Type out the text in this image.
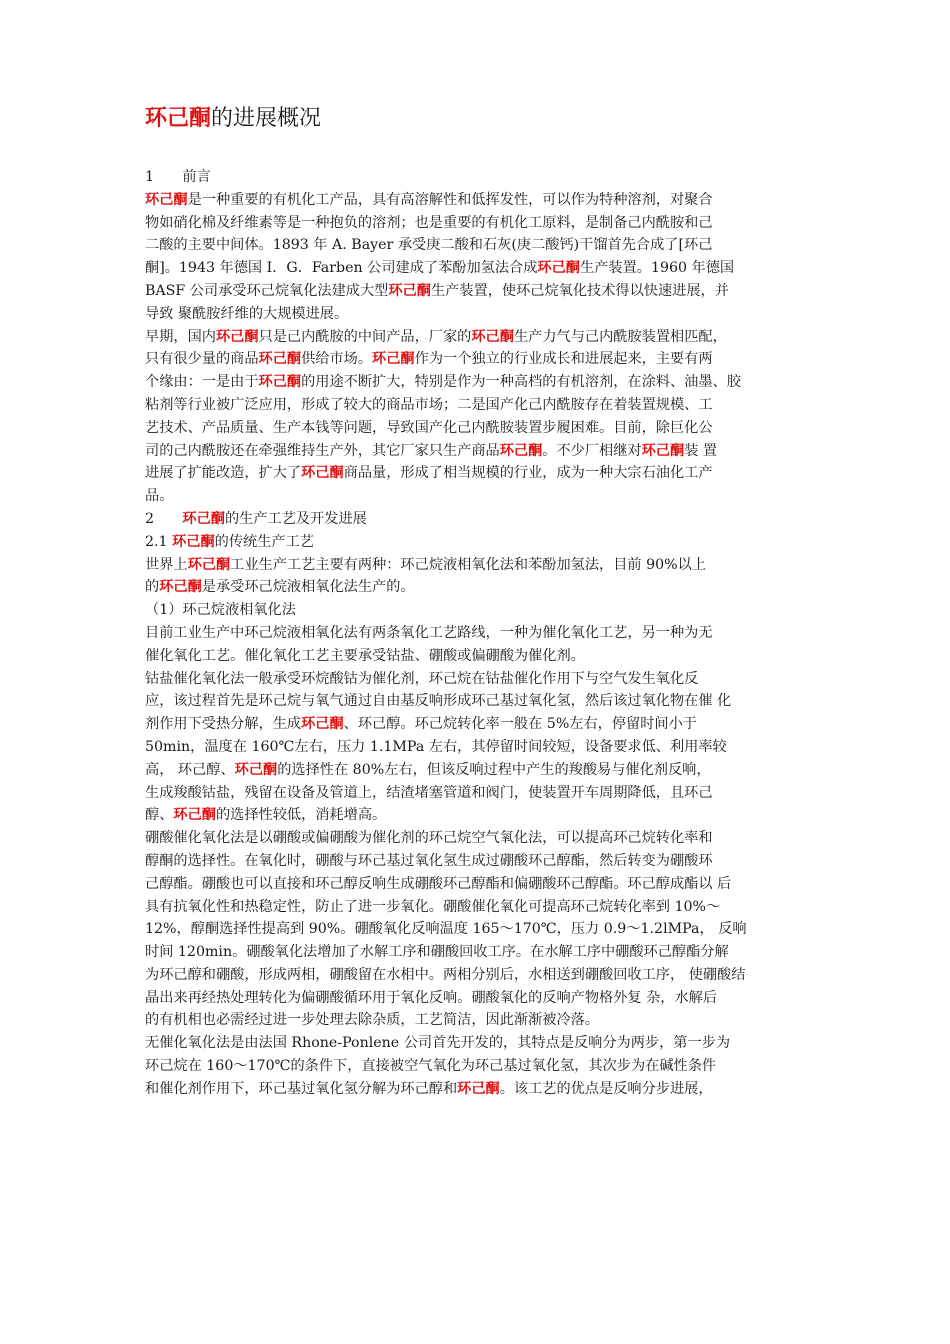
环己酮的进展概况
1　　前言
环己酮是一种重要的有机化工产品，具有高溶解性和低挥发性，可以作为特种溶剂，对聚合
物如硝化棉及纤维素等是一种抱负的溶剂；也是重要的有机化工原料，是制备己内酰胺和己
二酸的主要中间体。1893 年 A. Bayer 承受庚二酸和石灰(庚二酸钙)干馏首先合成了[环己
酮]。1943 年德国 I．G．Farben 公司建成了苯酚加氢法合成环己酮生产装置。1960 年德国
BASF 公司承受环己烷氧化法建成大型环己酮生产装置，使环己烷氧化技术得以快速进展，并
导致 聚酰胺纤维的大规模进展。
早期，国内环己酮只是己内酰胺的中间产品，厂家的环己酮生产力气与己内酰胺装置相匹配，
只有很少量的商品环己酮供给市场。环己酮作为一个独立的行业成长和进展起来，主要有两
个缘由：一是由于环己酮的用途不断扩大，特别是作为一种高档的有机溶剂，在涂料、油墨、胶
粘剂等行业被广泛应用，形成了较大的商品市场；二是国产化己内酰胺存在着装置规模、工
艺技术、产品质量、生产本钱等问题，导致国产化己内酰胺装置步履困难。目前，除巨化公
司的己内酰胺还在牵强维持生产外，其它厂家只生产商品环己酮。不少厂相继对环己酮装 置
进展了扩能改造，扩大了环己酮商品量，形成了相当规模的行业，成为一种大宗石油化工产
品。
2　　环己酮的生产工艺及开发进展
2.1 环己酮的传统生产工艺
世界上环己酮工业生产工艺主要有两种：环己烷液相氧化法和苯酚加氢法，目前 90%以上
的环己酮是承受环己烷液相氧化法生产的。
（1）环己烷液相氧化法
目前工业生产中环己烷液相氧化法有两条氧化工艺路线，一种为催化氧化工艺，另一种为无
催化氧化工艺。催化氧化工艺主要承受钴盐、硼酸或偏硼酸为催化剂。
钴盐催化氧化法一般承受环烷酸钴为催化剂，环己烷在钴盐催化作用下与空气发生氧化反
应，该过程首先是环己烷与氧气通过自由基反响形成环己基过氧化氢，然后该过氧化物在催 化
剂作用下受热分解，生成环己酮、环己醇。环己烷转化率一般在 5%左右，停留时间小于
50min，温度在 160℃左右，压力 1.1MPa 左右，其停留时间较短，设备要求低、利用率较
高， 环己醇、环己酮的选择性在 80%左右，但该反响过程中产生的羧酸易与催化剂反响，
生成羧酸钴盐，残留在设备及管道上，结渣堵塞管道和阀门，使装置开车周期降低，且环己
醇、环己酮的选择性较低，消耗增高。
硼酸催化氧化法是以硼酸或偏硼酸为催化剂的环己烷空气氧化法，可以提高环己烷转化率和
醇酮的选择性。在氧化时，硼酸与环己基过氧化氢生成过硼酸环己醇酯，然后转变为硼酸环
己醇酯。硼酸也可以直接和环己醇反响生成硼酸环己醇酯和偏硼酸环己醇酯。环己醇成酯以 后
具有抗氧化性和热稳定性，防止了进一步氧化。硼酸催化氧化可提高环己烷转化率到 10%～
12%，醇酮选择性提高到 90%。硼酸氧化反响温度 165～170℃，压力 0.9～1.2lMPa， 反响
时间 120min。硼酸氧化法增加了水解工序和硼酸回收工序。在水解工序中硼酸环己醇酯分解
为环己醇和硼酸，形成两相，硼酸留在水相中。两相分别后，水相送到硼酸回收工序， 使硼酸结
晶出来再经热处理转化为偏硼酸循环用于氧化反响。硼酸氧化的反响产物格外复 杂，水解后
的有机相也必需经过进一步处理去除杂质，工艺简洁，因此渐渐被冷落。
无催化氧化法是由法国 Rhone-Ponlene 公司首先开发的，其特点是反响分为两步，第一步为
环己烷在 160～170℃的条件下，直接被空气氧化为环己基过氧化氢，其次步为在碱性条件
和催化剂作用下，环己基过氧化氢分解为环己醇和环己酮。该工艺的优点是反响分步进展，
